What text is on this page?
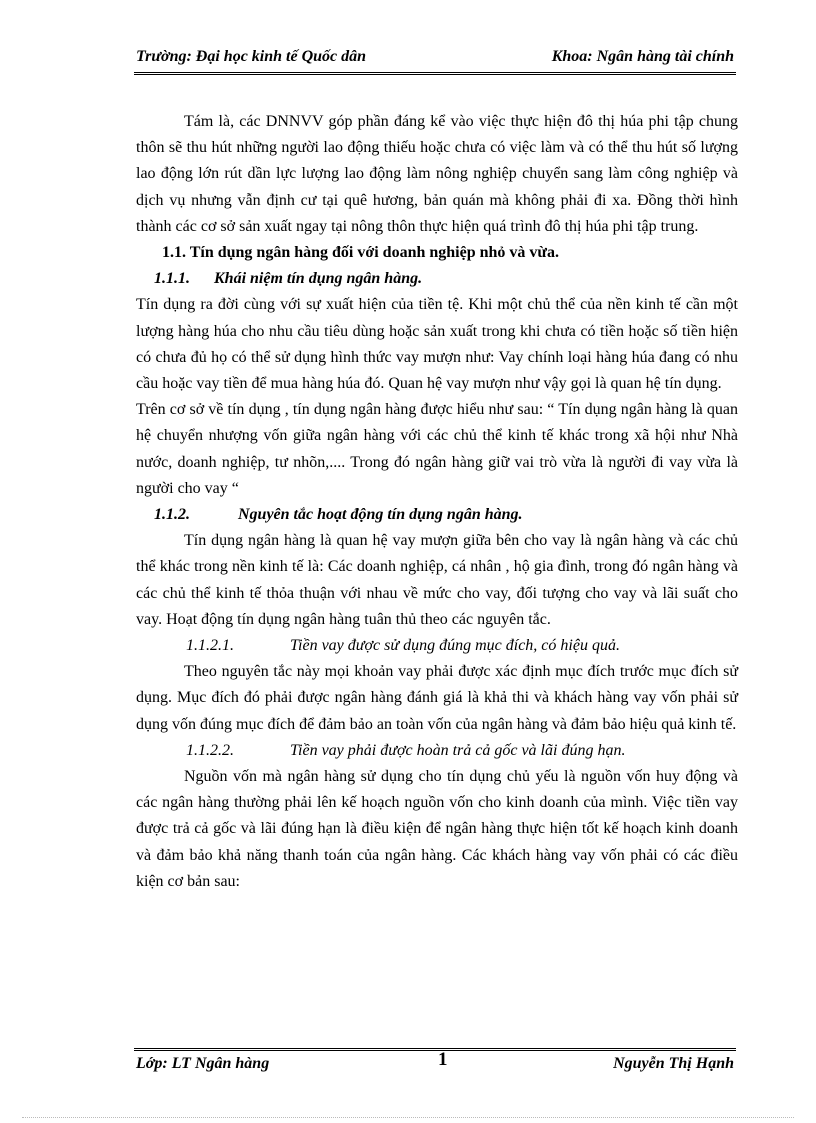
Trường: Đại học kinh tế Quốc dân	Khoa: Ngân hàng tài chính

Tám là, các DNNVV góp phần đáng kể vào việc thực hiện đô thị húa phi tập chung thôn sẽ thu hút những người lao động thiếu hoặc chưa có việc làm và có thể thu hút số lượng lao động lớn rút dần lực lượng lao động làm nông nghiệp chuyển sang làm công nghiệp và dịch vụ nhưng vẫn định cư tại quê hương, bản quán mà không phải đi xa. Đồng thời hình thành các cơ sở sản xuất ngay tại nông thôn thực hiện quá trình đô thị húa phi tập trung.

1.1. Tín dụng ngân hàng đối với doanh nghiệp nhỏ và vừa.

1.1.1. Khái niệm tín dụng ngân hàng.

Tín dụng ra đời cùng với sự xuất hiện của tiền tệ. Khi một chủ thể của nền kinh tế cần một lượng hàng húa cho nhu cầu tiêu dùng hoặc sản xuất trong khi chưa có tiền hoặc số tiền hiện có chưa đủ họ có thể sử dụng hình thức vay mượn như: Vay chính loại hàng húa đang có nhu cầu hoặc vay tiền để mua hàng húa đó. Quan hệ vay mượn như vậy gọi là quan hệ tín dụng.

Trên cơ sở về tín dụng , tín dụng ngân hàng được hiểu như sau: “ Tín dụng ngân hàng là quan hệ chuyển nhượng vốn giữa ngân hàng với các chủ thể kinh tế khác trong xã hội như Nhà nước, doanh nghiệp, tư nhõn,.... Trong đó ngân hàng giữ vai trò vừa là người đi vay vừa là người cho vay “

1.1.2.	Nguyên tắc hoạt động tín dụng ngân hàng.

Tín dụng ngân hàng là quan hệ vay mượn giữa bên cho vay là ngân hàng và các chủ thể khác trong nền kinh tế là: Các doanh nghiệp, cá nhân , hộ gia đình, trong đó ngân hàng và các chủ thể kinh tế thỏa thuận với nhau về mức cho vay, đối tượng cho vay và lãi suất cho vay. Hoạt động tín dụng ngân hàng tuân thủ theo các nguyên tắc.

1.1.2.1.	Tiền vay được sử dụng đúng mục đích, có hiệu quả.

Theo nguyên tắc này mọi khoản vay phải được xác định mục đích trước mục đích sử dụng. Mục đích đó phải được ngân hàng đánh giá là khả thi và khách hàng vay vốn phải sử dụng vốn đúng mục đích để đảm bảo an toàn vốn của ngân hàng và đảm bảo hiệu quả kinh tế.

1.1.2.2.	Tiền vay phải được hoàn trả cả gốc và lãi đúng hạn.

Nguồn vốn mà ngân hàng sử dụng cho tín dụng chủ yếu là nguồn vốn huy động và các ngân hàng thường phải lên kế hoạch nguồn vốn cho kinh doanh của mình. Việc tiền vay được trả cả gốc và lãi đúng hạn là điều kiện để ngân hàng thực hiện tốt kế hoạch kinh doanh và đảm bảo khả năng thanh toán của ngân hàng. Các khách hàng vay vốn phải có các điều kiện cơ bản sau:

1
Lớp: LT Ngân hàng	Nguyễn Thị Hạnh
